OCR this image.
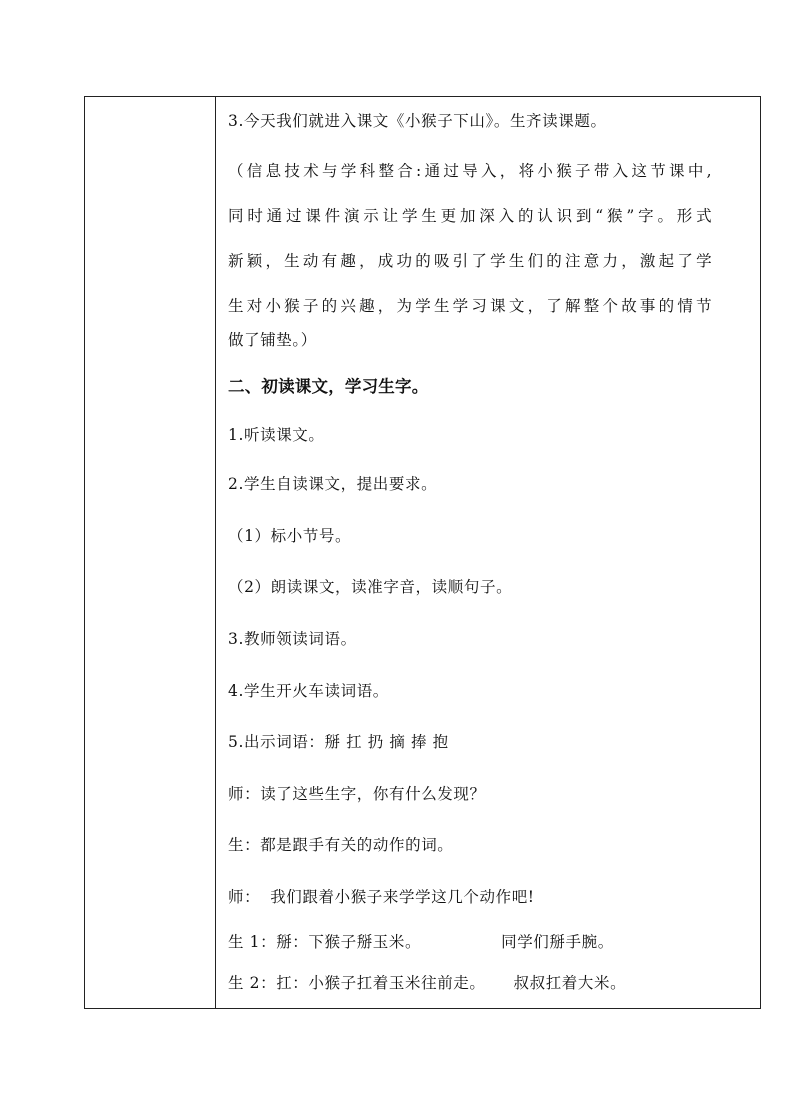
3.今天我们就进入课文《小猴子下山》。生齐读课题。
（信息技术与学科整合:通过导入，将小猴子带入这节课中,
同时通过课件演示让学生更加深入的认识到“猴”字。形式
新颖，生动有趣，成功的吸引了学生们的注意力，激起了学
生对小猴子的兴趣，为学生学习课文，了解整个故事的情节
做了铺垫。）
二、初读课文，学习生字。
1.听读课文。
2.学生自读课文，提出要求。
（1）标小节号。
（2）朗读课文，读准字音，读顺句子。
3.教师领读词语。
4.学生开火车读词语。
5.出示词语：掰 扛 扔 摘 捧 抱
师：读了这些生字，你有什么发现？
生：都是跟手有关的动作的词。
师： 我们跟着小猴子来学学这几个动作吧!
生 1：掰：下猴子掰玉米。	同学们掰手腕。
生 2：扛：小猴子扛着玉米往前走。 叔叔扛着大米。
